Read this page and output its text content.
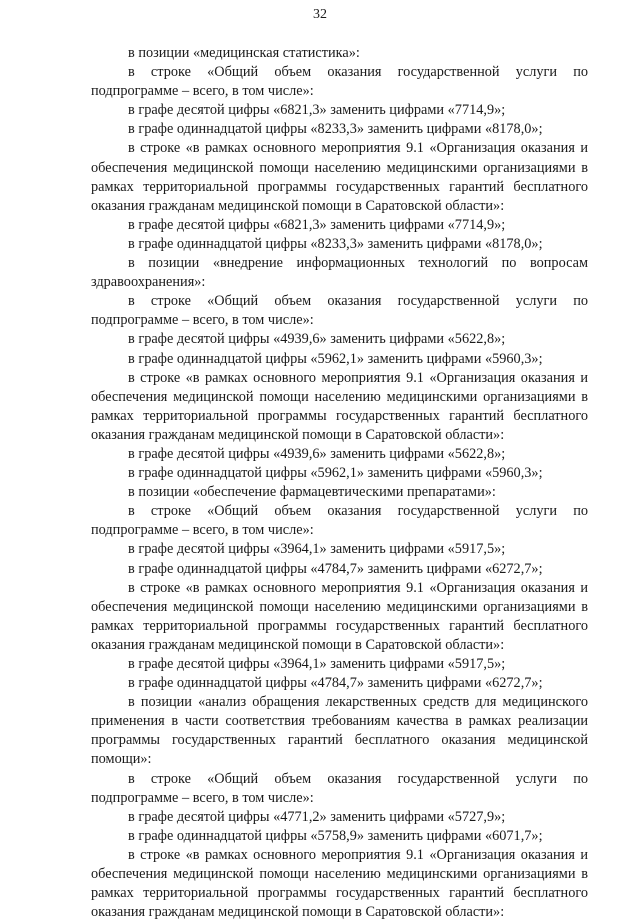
32

в позиции «медицинская статистика»:

в строке «Общий объем оказания государственной услуги по подпрограмме – всего, в том числе»:

в графе десятой цифры «6821,3» заменить цифрами «7714,9»;

в графе одиннадцатой цифры «8233,3» заменить цифрами «8178,0»;

в строке «в рамках основного мероприятия 9.1 «Организация оказания и обеспечения медицинской помощи населению медицинскими организациями в рамках территориальной программы государственных гарантий бесплатного оказания гражданам медицинской помощи в Саратовской области»:

в графе десятой цифры «6821,3» заменить цифрами «7714,9»;

в графе одиннадцатой цифры «8233,3» заменить цифрами «8178,0»;

в позиции «внедрение информационных технологий по вопросам здравоохранения»:

в строке «Общий объем оказания государственной услуги по подпрограмме – всего, в том числе»:

в графе десятой цифры «4939,6» заменить цифрами «5622,8»;

в графе одиннадцатой цифры «5962,1» заменить цифрами «5960,3»;

в строке «в рамках основного мероприятия 9.1 «Организация оказания и обеспечения медицинской помощи населению медицинскими организациями в рамках территориальной программы государственных гарантий бесплатного оказания гражданам медицинской помощи в Саратовской области»:

в графе десятой цифры «4939,6» заменить цифрами «5622,8»;

в графе одиннадцатой цифры «5962,1» заменить цифрами «5960,3»;

в позиции «обеспечение фармацевтическими препаратами»:

в строке «Общий объем оказания государственной услуги по подпрограмме – всего, в том числе»:

в графе десятой цифры «3964,1» заменить цифрами «5917,5»;

в графе одиннадцатой цифры «4784,7» заменить цифрами «6272,7»;

в строке «в рамках основного мероприятия 9.1 «Организация оказания и обеспечения медицинской помощи населению медицинскими организациями в рамках территориальной программы государственных гарантий бесплатного оказания гражданам медицинской помощи в Саратовской области»:

в графе десятой цифры «3964,1» заменить цифрами «5917,5»;

в графе одиннадцатой цифры «4784,7» заменить цифрами «6272,7»;

в позиции «анализ обращения лекарственных средств для медицинского применения в части соответствия требованиям качества в рамках реализации программы государственных гарантий бесплатного оказания медицинской помощи»:

в строке «Общий объем оказания государственной услуги по подпрограмме – всего, в том числе»:

в графе десятой цифры «4771,2» заменить цифрами «5727,9»;

в графе одиннадцатой цифры «5758,9» заменить цифрами «6071,7»;

в строке «в рамках основного мероприятия 9.1 «Организация оказания и обеспечения медицинской помощи населению медицинскими организациями в рамках территориальной программы государственных гарантий бесплатного оказания гражданам медицинской помощи в Саратовской области»:
